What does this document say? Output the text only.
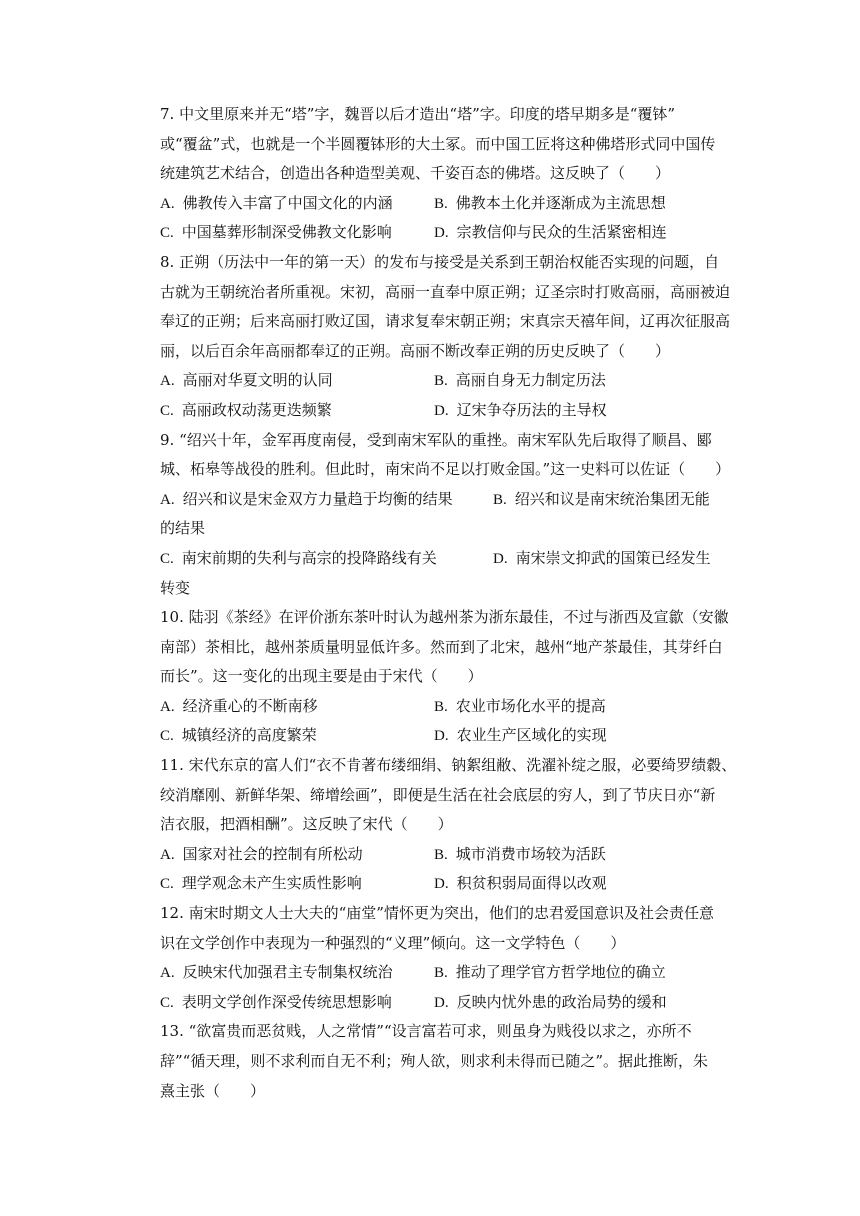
7. 中文里原来并无“塔”字，魏晋以后才造出“塔”字。印度的塔早期多是“覆钵”
或“覆盆”式，也就是一个半圆覆钵形的大土冢。而中国工匠将这种佛塔形式同中国传
统建筑艺术结合，创造出各种造型美观、千姿百态的佛塔。这反映了（　　）
A. 佛教传入丰富了中国文化的内涵	B. 佛教本土化并逐渐成为主流思想
C. 中国墓葬形制深受佛教文化影响	D. 宗教信仰与民众的生活紧密相连
8. 正朔（历法中一年的第一天）的发布与接受是关系到王朝治权能否实现的问题，自
古就为王朝统治者所重视。宋初，高丽一直奉中原正朔；辽圣宗时打败高丽，高丽被迫
奉辽的正朔；后来高丽打败辽国，请求复奉宋朝正朔；宋真宗天禧年间，辽再次征服高
丽，以后百余年高丽都奉辽的正朔。高丽不断改奉正朔的历史反映了（　　）
A. 高丽对华夏文明的认同	B. 高丽自身无力制定历法
C. 高丽政权动荡更迭频繁	D. 辽宋争夺历法的主导权
9. “绍兴十年，金军再度南侵，受到南宋军队的重挫。南宋军队先后取得了顺昌、郾
城、柘皋等战役的胜利。但此时，南宋尚不足以打败金国。”这一史料可以佐证（　　）
A. 绍兴和议是宋金双方力量趋于均衡的结果	B. 绍兴和议是南宋统治集团无能
的结果
C. 南宋前期的失利与高宗的投降路线有关	D. 南宋崇文抑武的国策已经发生
转变
10. 陆羽《茶经》在评价浙东茶叶时认为越州茶为浙东最佳，不过与浙西及宣歙（安徽
南部）茶相比，越州茶质量明显低许多。然而到了北宋，越州“地产茶最佳，其芽纤白
而长”。这一变化的出现主要是由于宋代（　　）
A. 经济重心的不断南移	B. 农业市场化水平的提高
C. 城镇经济的高度繁荣	D. 农业生产区域化的实现
11. 宋代东京的富人们“衣不肯著布缕细绢、钠絮组敝、洗濯补绽之服，必要绮罗绩縠、
绞消靡刚、新鲜华架、缔增绘画”，即便是生活在社会底层的穷人，到了节庆日亦“新
洁衣服，把酒相酬”。这反映了宋代（　　）
A. 国家对社会的控制有所松动	B. 城市消费市场较为活跃
C. 理学观念未产生实质性影响	D. 积贫积弱局面得以改观
12. 南宋时期文人士大夫的“庙堂”情怀更为突出，他们的忠君爱国意识及社会责任意
识在文学创作中表现为一种强烈的“义理”倾向。这一文学特色（　　）
A. 反映宋代加强君主专制集权统治	B. 推动了理学官方哲学地位的确立
C. 表明文学创作深受传统思想影响	D. 反映内忧外患的政治局势的缓和
13. “欲富贵而恶贫贱，人之常情”“设言富若可求，则虽身为贱役以求之，亦所不
辞”“循天理，则不求利而自无不利；殉人欲，则求利未得而已随之”。据此推断，朱
熹主张（　　）
